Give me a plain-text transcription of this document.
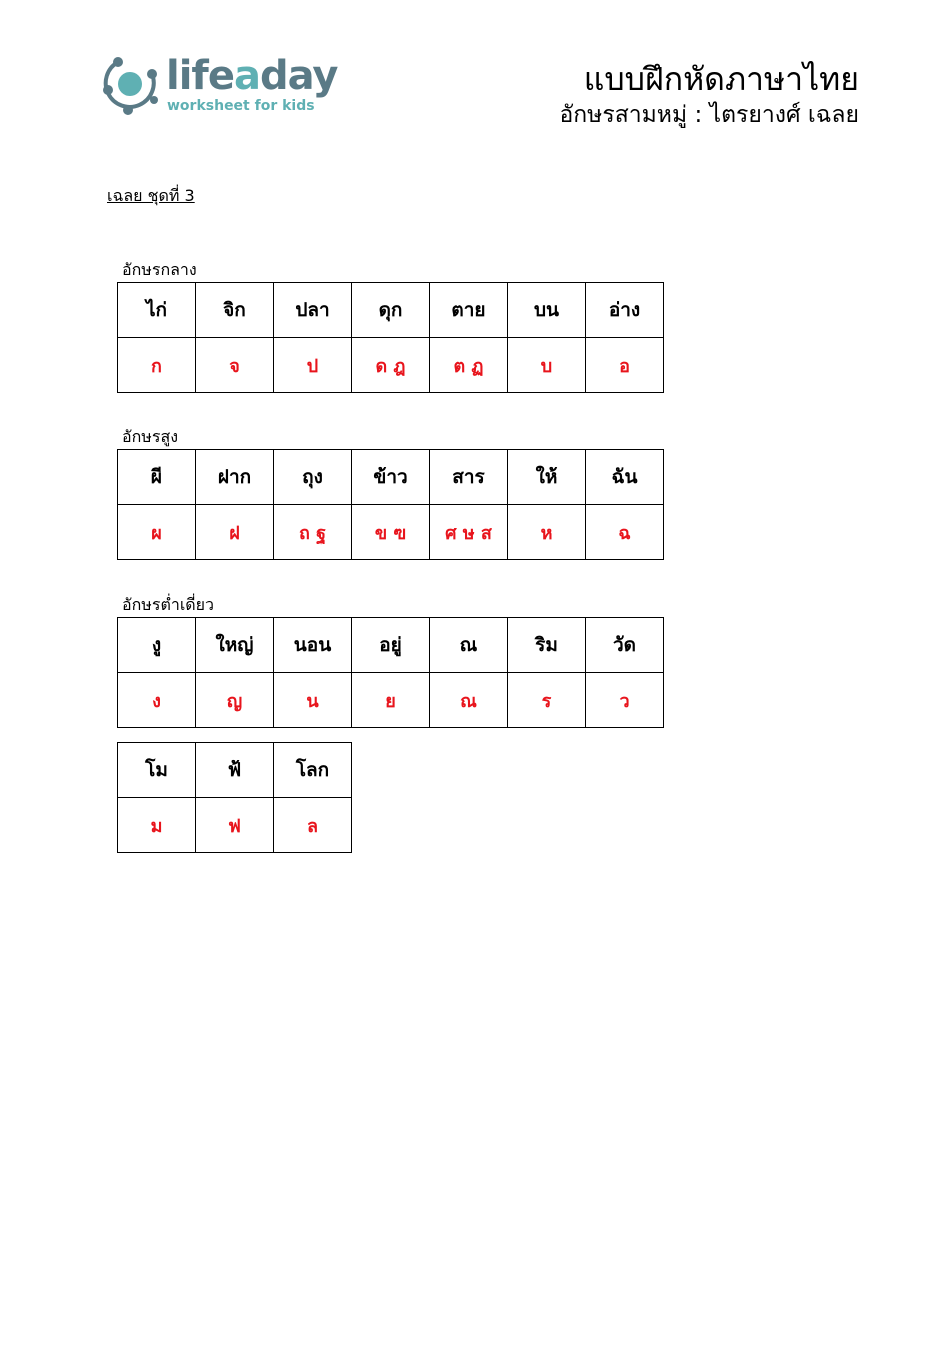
lifeaday
worksheet for kids
แบบฝึกหัดภาษาไทย
อักษรสามหมู่ : ไตรยางศ์ เฉลย
เฉลย ชุดที่ 3
อักษรกลาง
ไก่	จิก	ปลา	ดุก	ตาย	บน	อ่าง
ก	จ	ป	ด ฎ	ต ฏ	บ	อ
อักษรสูง
ผี	ฝาก	ถุง	ข้าว	สาร	ให้	ฉัน
ผ	ฝ	ถ ฐ	ข ฃ	ศ ษ ส	ห	ฉ
อักษรต่ำเดี่ยว
งู	ใหญ่	นอน	อยู่	ณ	ริม	วัด
ง	ญ	น	ย	ณ	ร	ว
โม	ฟ้	โลก
ม	ฟ	ล
